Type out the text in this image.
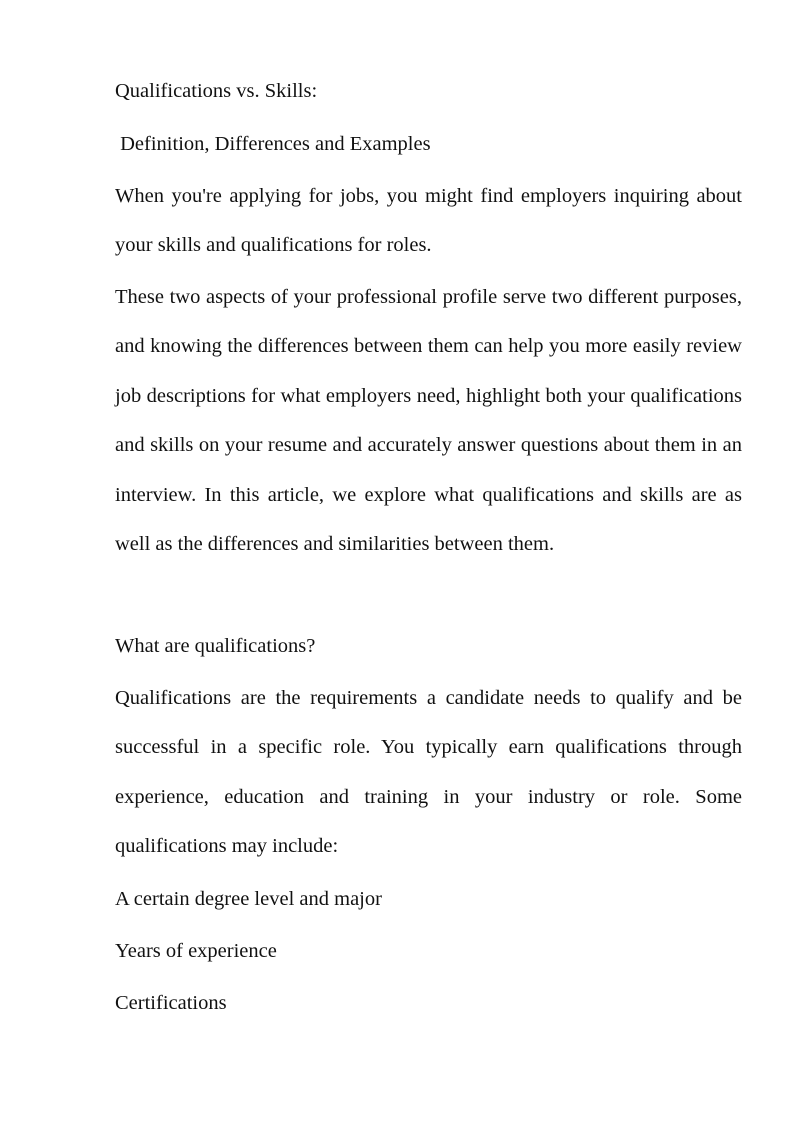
Qualifications vs. Skills:

Definition, Differences and Examples

When you're applying for jobs, you might find employers inquiring about your skills and qualifications for roles.

These two aspects of your professional profile serve two different purposes, and knowing the differences between them can help you more easily review job descriptions for what employers need, highlight both your qualifications and skills on your resume and accurately answer questions about them in an interview. In this article, we explore what qualifications and skills are as well as the differences and similarities between them.

What are qualifications?

Qualifications are the requirements a candidate needs to qualify and be successful in a specific role. You typically earn qualifications through experience, education and training in your industry or role. Some qualifications may include:

A certain degree level and major

Years of experience

Certifications
